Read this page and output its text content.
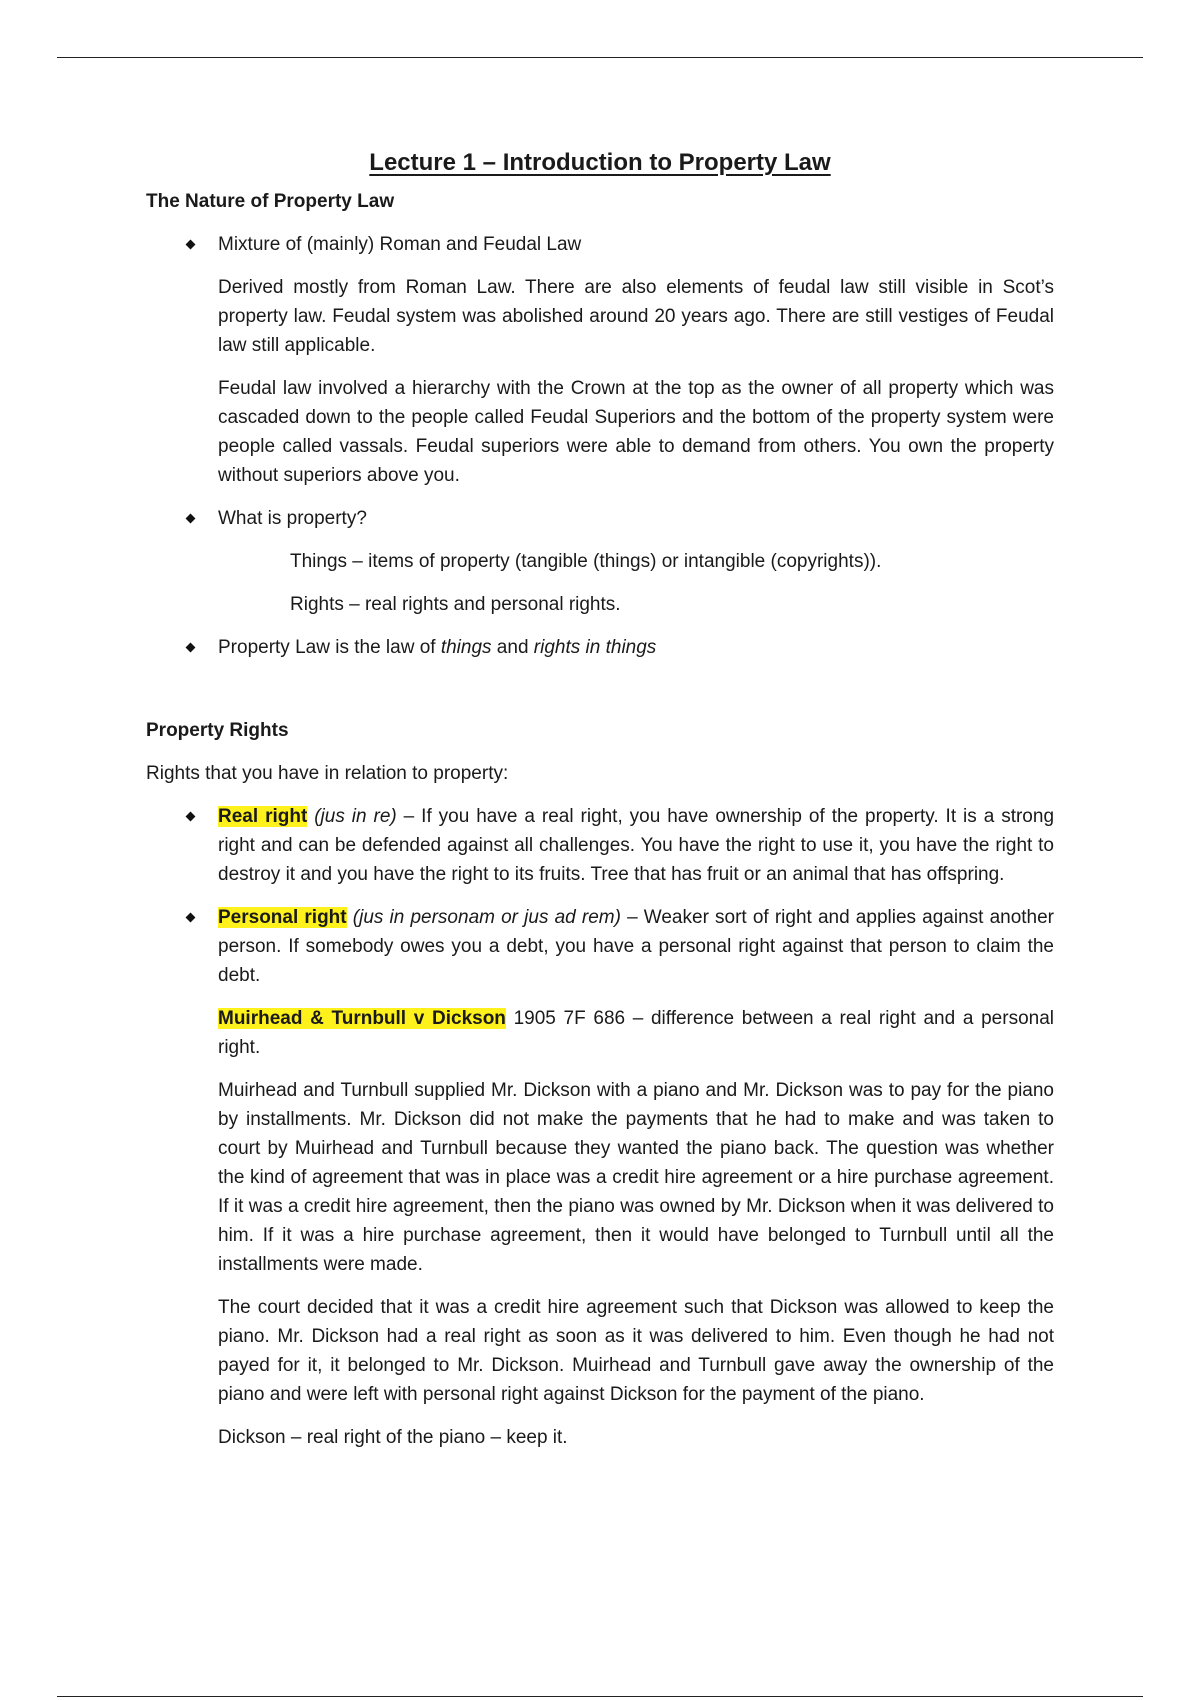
Lecture 1 – Introduction to Property Law
The Nature of Property Law
Mixture of (mainly) Roman and Feudal Law

Derived mostly from Roman Law. There are also elements of feudal law still visible in Scot’s property law. Feudal system was abolished around 20 years ago. There are still vestiges of Feudal law still applicable.

Feudal law involved a hierarchy with the Crown at the top as the owner of all property which was cascaded down to the people called Feudal Superiors and the bottom of the property system were people called vassals. Feudal superiors were able to demand from others. You own the property without superiors above you.

What is property?

Things – items of property (tangible (things) or intangible (copyrights)).

Rights – real rights and personal rights.

Property Law is the law of things and rights in things
Property Rights

Rights that you have in relation to property:

Real right (jus in re) – If you have a real right, you have ownership of the property. It is a strong right and can be defended against all challenges. You have the right to use it, you have the right to destroy it and you have the right to its fruits. Tree that has fruit or an animal that has offspring.
Personal right (jus in personam or jus ad rem) – Weaker sort of right and applies against another person. If somebody owes you a debt, you have a personal right against that person to claim the debt.

Muirhead & Turnbull v Dickson 1905 7F 686 – difference between a real right and a personal right.

Muirhead and Turnbull supplied Mr. Dickson with a piano and Mr. Dickson was to pay for the piano by installments. Mr. Dickson did not make the payments that he had to make and was taken to court by Muirhead and Turnbull because they wanted the piano back. The question was whether the kind of agreement that was in place was a credit hire agreement or a hire purchase agreement. If it was a credit hire agreement, then the piano was owned by Mr. Dickson when it was delivered to him. If it was a hire purchase agreement, then it would have belonged to Turnbull until all the installments were made.

The court decided that it was a credit hire agreement such that Dickson was allowed to keep the piano. Mr. Dickson had a real right as soon as it was delivered to him. Even though he had not payed for it, it belonged to Mr. Dickson. Muirhead and Turnbull gave away the ownership of the piano and were left with personal right against Dickson for the payment of the piano.

Dickson – real right of the piano – keep it.
